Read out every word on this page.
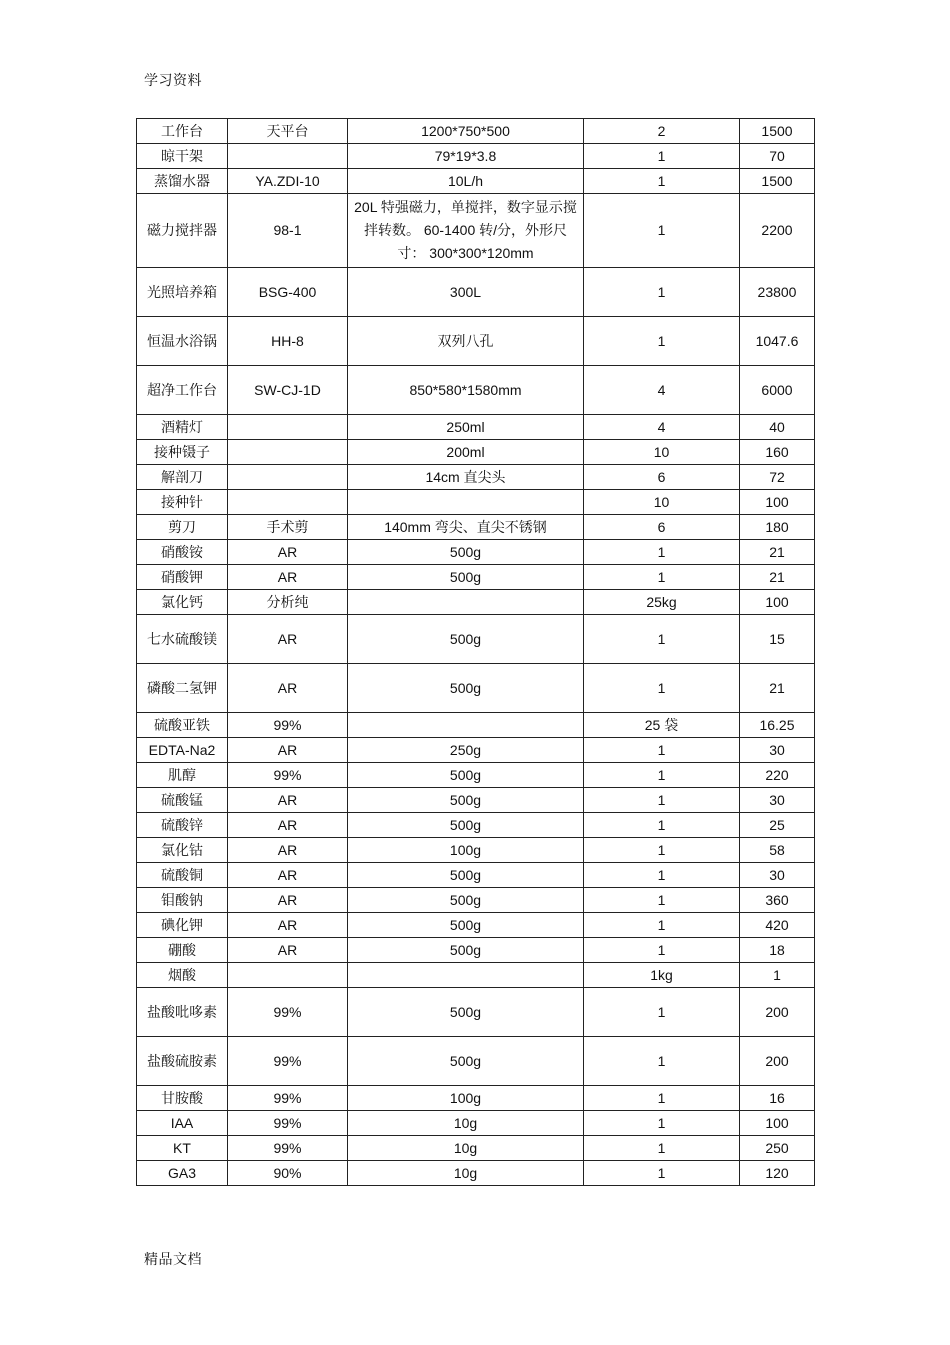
学习资料
工作台	天平台	1200*750*500	2	1500
晾干架		79*19*3.8	1	70
蒸馏水器	YA.ZDI-10	10L/h	1	1500
磁力搅拌器	98-1	20L 特强磁力，单搅拌，数字显示搅拌转数。 60-1400 转/分，外形尺寸： 300*300*120mm	1	2200
光照培养箱	BSG-400	300L	1	23800
恒温水浴锅	HH-8	双列八孔	1	1047.6
超净工作台	SW-CJ-1D	850*580*1580mm	4	6000
酒精灯		250ml	4	40
接种镊子		200ml	10	160
解剖刀		14cm 直尖头	6	72
接种针			10	100
剪刀	手术剪	140mm 弯尖、直尖不锈钢	6	180
硝酸铵	AR	500g	1	21
硝酸钾	AR	500g	1	21
氯化钙	分析纯		25kg	100
七水硫酸镁	AR	500g	1	15
磷酸二氢钾	AR	500g	1	21
硫酸亚铁	99%		25 袋	16.25
EDTA-Na2	AR	250g	1	30
肌醇	99%	500g	1	220
硫酸锰	AR	500g	1	30
硫酸锌	AR	500g	1	25
氯化钴	AR	100g	1	58
硫酸铜	AR	500g	1	30
钼酸钠	AR	500g	1	360
碘化钾	AR	500g	1	420
硼酸	AR	500g	1	18
烟酸			1kg	1
盐酸吡哆素	99%	500g	1	200
盐酸硫胺素	99%	500g	1	200
甘胺酸	99%	100g	1	16
IAA	99%	10g	1	100
KT	99%	10g	1	250
GA3	90%	10g	1	120
精品文档
